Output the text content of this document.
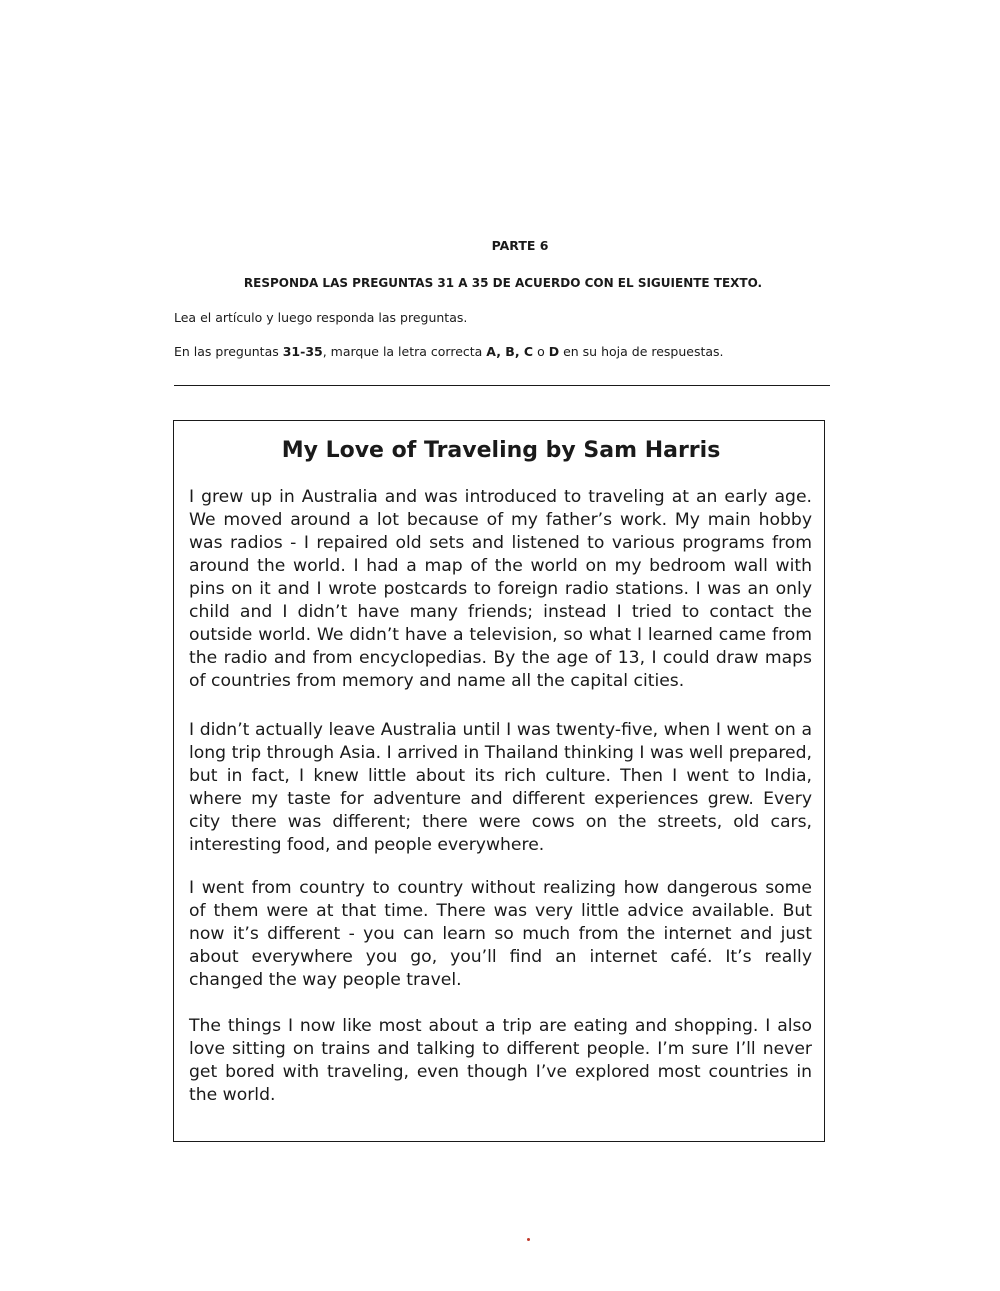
PARTE 6
RESPONDA LAS PREGUNTAS 31 A 35 DE ACUERDO CON EL SIGUIENTE TEXTO.
Lea el artículo y luego responda las preguntas.
En las preguntas 31-35, marque la letra correcta A, B, C o D en su hoja de respuestas.
My Love of Traveling by Sam Harris

I grew up in Australia and was introduced to traveling at an early age. We moved around a lot because of my father’s work. My main hobby was radios - I repaired old sets and listened to various programs from around the world. I had a map of the world on my bedroom wall with pins on it and I wrote postcards to foreign radio stations. I was an only child and I didn’t have many friends; instead I tried to contact the outside world. We didn’t have a television, so what I learned came from the radio and from encyclopedias. By the age of 13, I could draw maps of countries from memory and name all the capital cities.

I didn’t actually leave Australia until I was twenty-five, when I went on a long trip through Asia. I arrived in Thailand thinking I was well prepared, but in fact, I knew little about its rich culture. Then I went to India, where my taste for adventure and different experiences grew. Every city there was different; there were cows on the streets, old cars, interesting food, and people everywhere.

I went from country to country without realizing how dangerous some of them were at that time. There was very little advice available. But now it’s different - you can learn so much from the internet and just about everywhere you go, you’ll find an internet café. It’s really changed the way people travel.

The things I now like most about a trip are eating and shopping. I also love sitting on trains and talking to different people. I’m sure I’ll never get bored with traveling, even though I’ve explored most countries in the world.
